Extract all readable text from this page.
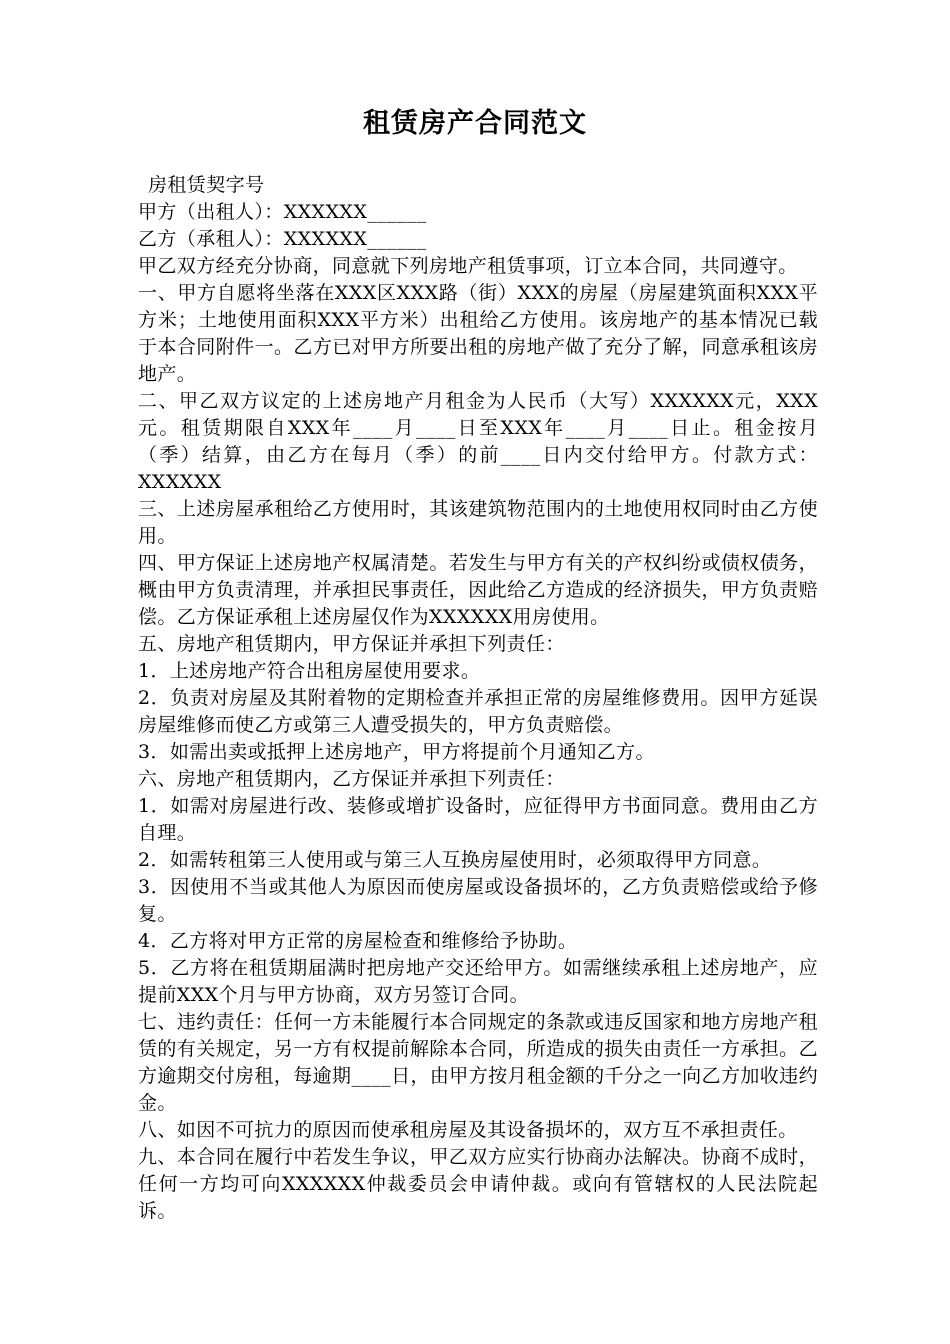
租赁房产合同范文

房租赁契字号

甲方（出租人）：XXXXXX______

乙方（承租人）：XXXXXX______

甲乙双方经充分协商，同意就下列房地产租赁事项，订立本合同，共同遵守。

一、甲方自愿将坐落在XXX区XXX路（街）XXX的房屋（房屋建筑面积XXX平方米；土地使用面积XXX平方米）出租给乙方使用。该房地产的基本情况已载于本合同附件一。乙方已对甲方所要出租的房地产做了充分了解，同意承租该房地产。

二、甲乙双方议定的上述房地产月租金为人民币（大写）XXXXXX元，XXX元。租赁期限自XXX年____月____日至XXX年____月____日止。租金按月　（季）结算，由乙方在每月（季）的前____日内交付给甲方。付款方式：XXXXXX

三、上述房屋承租给乙方使用时，其该建筑物范围内的土地使用权同时由乙方使用。

四、甲方保证上述房地产权属清楚。若发生与甲方有关的产权纠纷或债权债务，概由甲方负责清理，并承担民事责任，因此给乙方造成的经济损失，甲方负责赔偿。乙方保证承租上述房屋仅作为XXXXXX用房使用。

五、房地产租赁期内，甲方保证并承担下列责任：

1．上述房地产符合出租房屋使用要求。

2．负责对房屋及其附着物的定期检查并承担正常的房屋维修费用。因甲方延误房屋维修而使乙方或第三人遭受损失的，甲方负责赔偿。

3．如需出卖或抵押上述房地产，甲方将提前个月通知乙方。

六、房地产租赁期内，乙方保证并承担下列责任：

1．如需对房屋进行改、装修或增扩设备时，应征得甲方书面同意。费用由乙方自理。

2．如需转租第三人使用或与第三人互换房屋使用时，必须取得甲方同意。

3．因使用不当或其他人为原因而使房屋或设备损坏的，乙方负责赔偿或给予修复。

4．乙方将对甲方正常的房屋检查和维修给予协助。

5．乙方将在租赁期届满时把房地产交还给甲方。如需继续承租上述房地产，应提前XXX个月与甲方协商，双方另签订合同。

七、违约责任：任何一方未能履行本合同规定的条款或违反国家和地方房地产租赁的有关规定，另一方有权提前解除本合同，所造成的损失由责任一方承担。乙方逾期交付房租，每逾期____日，由甲方按月租金额的千分之一向乙方加收违约金。

八、如因不可抗力的原因而使承租房屋及其设备损坏的，双方互不承担责任。

九、本合同在履行中若发生争议，甲乙双方应实行协商办法解决。协商不成时，任何一方均可向XXXXXX仲裁委员会申请仲裁。或向有管辖权的人民法院起诉。
